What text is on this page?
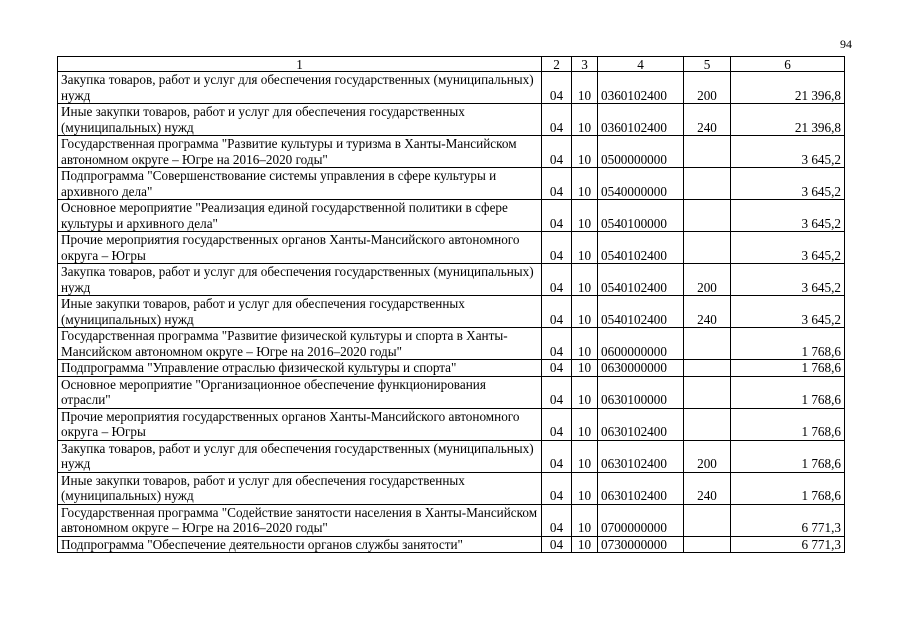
94
1	2	3	4	5	6
Закупка товаров, работ и услуг для обеспечения государственных (муниципальных) нужд	04	10	0360102400	200	21 396,8
Иные закупки товаров, работ и услуг для обеспечения государственных (муниципальных) нужд	04	10	0360102400	240	21 396,8
Государственная программа "Развитие культуры и туризма в Ханты-Мансийском автономном округе – Югре на 2016–2020 годы"	04	10	0500000000		3 645,2
Подпрограмма "Совершенствование системы управления в сфере культуры и архивного дела"	04	10	0540000000		3 645,2
Основное мероприятие "Реализация единой государственной политики в сфере культуры и архивного дела"	04	10	0540100000		3 645,2
Прочие мероприятия государственных органов Ханты-Мансийского автономного округа – Югры	04	10	0540102400		3 645,2
Закупка товаров, работ и услуг для обеспечения государственных (муниципальных) нужд	04	10	0540102400	200	3 645,2
Иные закупки товаров, работ и услуг для обеспечения государственных (муниципальных) нужд	04	10	0540102400	240	3 645,2
Государственная программа "Развитие физической культуры и спорта в Ханты-Мансийском автономном округе – Югре на 2016–2020 годы"	04	10	0600000000		1 768,6
Подпрограмма "Управление отраслью физической культуры и спорта"	04	10	0630000000		1 768,6
Основное мероприятие "Организационное обеспечение функционирования отрасли"	04	10	0630100000		1 768,6
Прочие мероприятия государственных органов Ханты-Мансийского автономного округа – Югры	04	10	0630102400		1 768,6
Закупка товаров, работ и услуг для обеспечения государственных (муниципальных) нужд	04	10	0630102400	200	1 768,6
Иные закупки товаров, работ и услуг для обеспечения государственных (муниципальных) нужд	04	10	0630102400	240	1 768,6
Государственная программа "Содействие занятости населения в Ханты-Мансийском автономном округе – Югре на 2016–2020 годы"	04	10	0700000000		6 771,3
Подпрограмма "Обеспечение деятельности органов службы занятости"	04	10	0730000000		6 771,3
